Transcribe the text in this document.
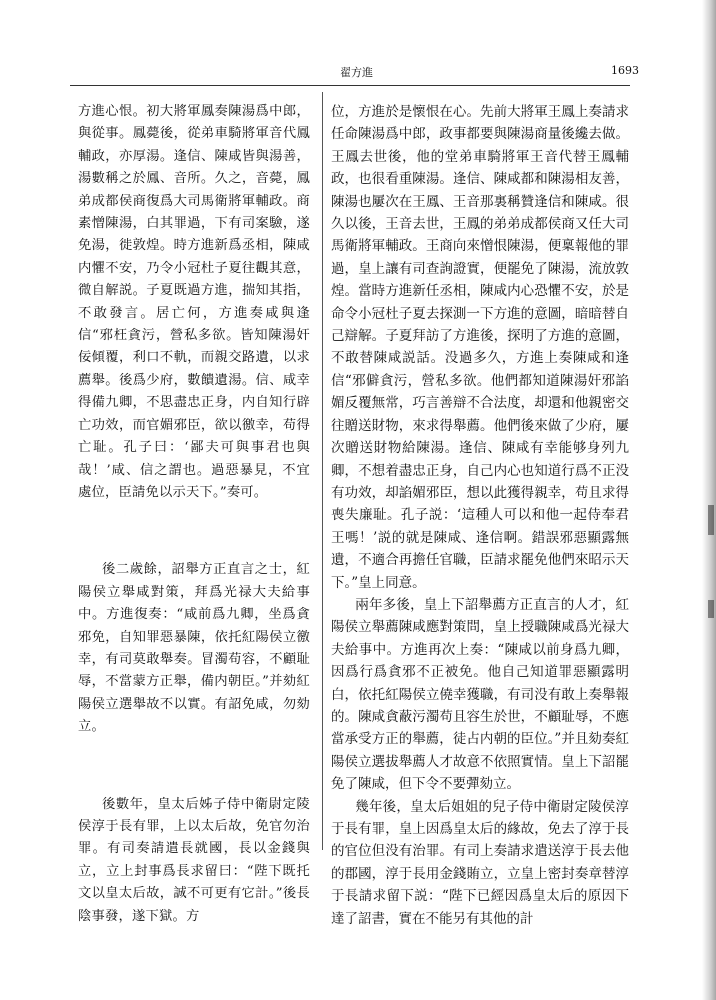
翟方進	1693

方進心恨。初大將軍鳳奏陳湯爲中郎，與從事。鳳薨後，從弟車騎將軍音代鳳輔政，亦厚湯。逢信、陳咸皆與湯善，湯數稱之於鳳、音所。久之，音薨，鳳弟成都侯商復爲大司馬衛將軍輔政。商素憎陳湯，白其罪過，下有司案驗，遂免湯，徙敦煌。時方進新爲丞相，陳咸内懼不安，乃令小冠杜子夏往觀其意，微自解説。子夏既過方進，揣知其指，不敢發言。居亡何，方進奏咸與逢信“邪枉貪污，營私多欲。皆知陳湯奸佞傾覆，利口不軌，而親交路遺，以求薦舉。後爲少府，數饋遺湯。信、咸幸得備九卿，不思盡忠正身，内自知行辟亡功效，而官媚邪臣，欲以徼幸，苟得亡耻。孔子曰：‘鄙夫可與事君也與哉！’咸、信之謂也。過惡暴見，不宜處位，臣請免以示天下。”奏可。

後二歲餘，詔舉方正直言之士，紅陽侯立舉咸對策，拜爲光禄大夫給事中。方進復奏：“咸前爲九卿，坐爲貪邪免，自知罪惡暴陳，依托紅陽侯立徼幸，有司莫敢舉奏。冒濁苟容，不顧耻辱，不當蒙方正舉，備内朝臣。”并劾紅陽侯立選舉故不以實。有詔免咸，勿劾立。

後數年，皇太后姊子侍中衛尉定陵侯淳于長有罪，上以太后故，免官勿治罪。有司奏請遣長就國，長以金錢與立，立上封事爲長求留曰：“陛下既托文以皇太后故，誠不可更有它計。”後長陰事發，遂下獄。方

位，方進於是懷恨在心。先前大將軍王鳳上奏請求任命陳湯爲中郎，政事都要與陳湯商量後纔去做。王鳳去世後，他的堂弟車騎將軍王音代替王鳳輔政，也很看重陳湯。逢信、陳咸都和陳湯相友善，陳湯也屢次在王鳳、王音那裏稱贊逢信和陳咸。很久以後，王音去世，王鳳的弟弟成都侯商又任大司馬衛將軍輔政。王商向來憎恨陳湯，便稟報他的罪過，皇上讓有司查詢證實，便罷免了陳湯，流放敦煌。當時方進新任丞相，陳咸内心恐懼不安，於是命令小冠杜子夏去探測一下方進的意圖，暗暗替自己辯解。子夏拜訪了方進後，探明了方進的意圖，不敢替陳咸説話。没過多久，方進上奏陳咸和逢信“邪僻貪污，營私多欲。他們都知道陳湯奸邪諂媚反覆無常，巧言善辯不合法度，却還和他親密交往贈送財物，來求得舉薦。他們後來做了少府，屢次贈送財物給陳湯。逢信、陳咸有幸能够身列九卿，不想着盡忠正身，自己内心也知道行爲不正没有功效，却諂媚邪臣，想以此獲得親幸，苟且求得喪失廉耻。孔子説：‘這種人可以和他一起侍奉君王嗎！’説的就是陳咸、逢信啊。錯誤邪惡顯露無遺，不適合再擔任官職，臣請求罷免他們來昭示天下。”皇上同意。

兩年多後，皇上下詔舉薦方正直言的人才，紅陽侯立舉薦陳咸應對策問，皇上授職陳咸爲光禄大夫給事中。方進再次上奏：“陳咸以前身爲九卿，因爲行爲貪邪不正被免。他自己知道罪惡顯露明白，依托紅陽侯立僥幸獲職，有司没有敢上奏舉報的。陳咸貪蔽污濁苟且容生於世，不顧耻辱，不應當承受方正的舉薦，徒占内朝的臣位。”并且劾奏紅陽侯立選拔舉薦人才故意不依照實情。皇上下詔罷免了陳咸，但下令不要彈劾立。

幾年後，皇太后姐姐的兒子侍中衛尉定陵侯淳于長有罪，皇上因爲皇太后的緣故，免去了淳于長的官位但没有治罪。有司上奏請求遣送淳于長去他的郡國，淳于長用金錢賄立，立皇上密封奏章替淳于長請求留下説：“陛下已經因爲皇太后的原因下達了詔書，實在不能另有其他的計
